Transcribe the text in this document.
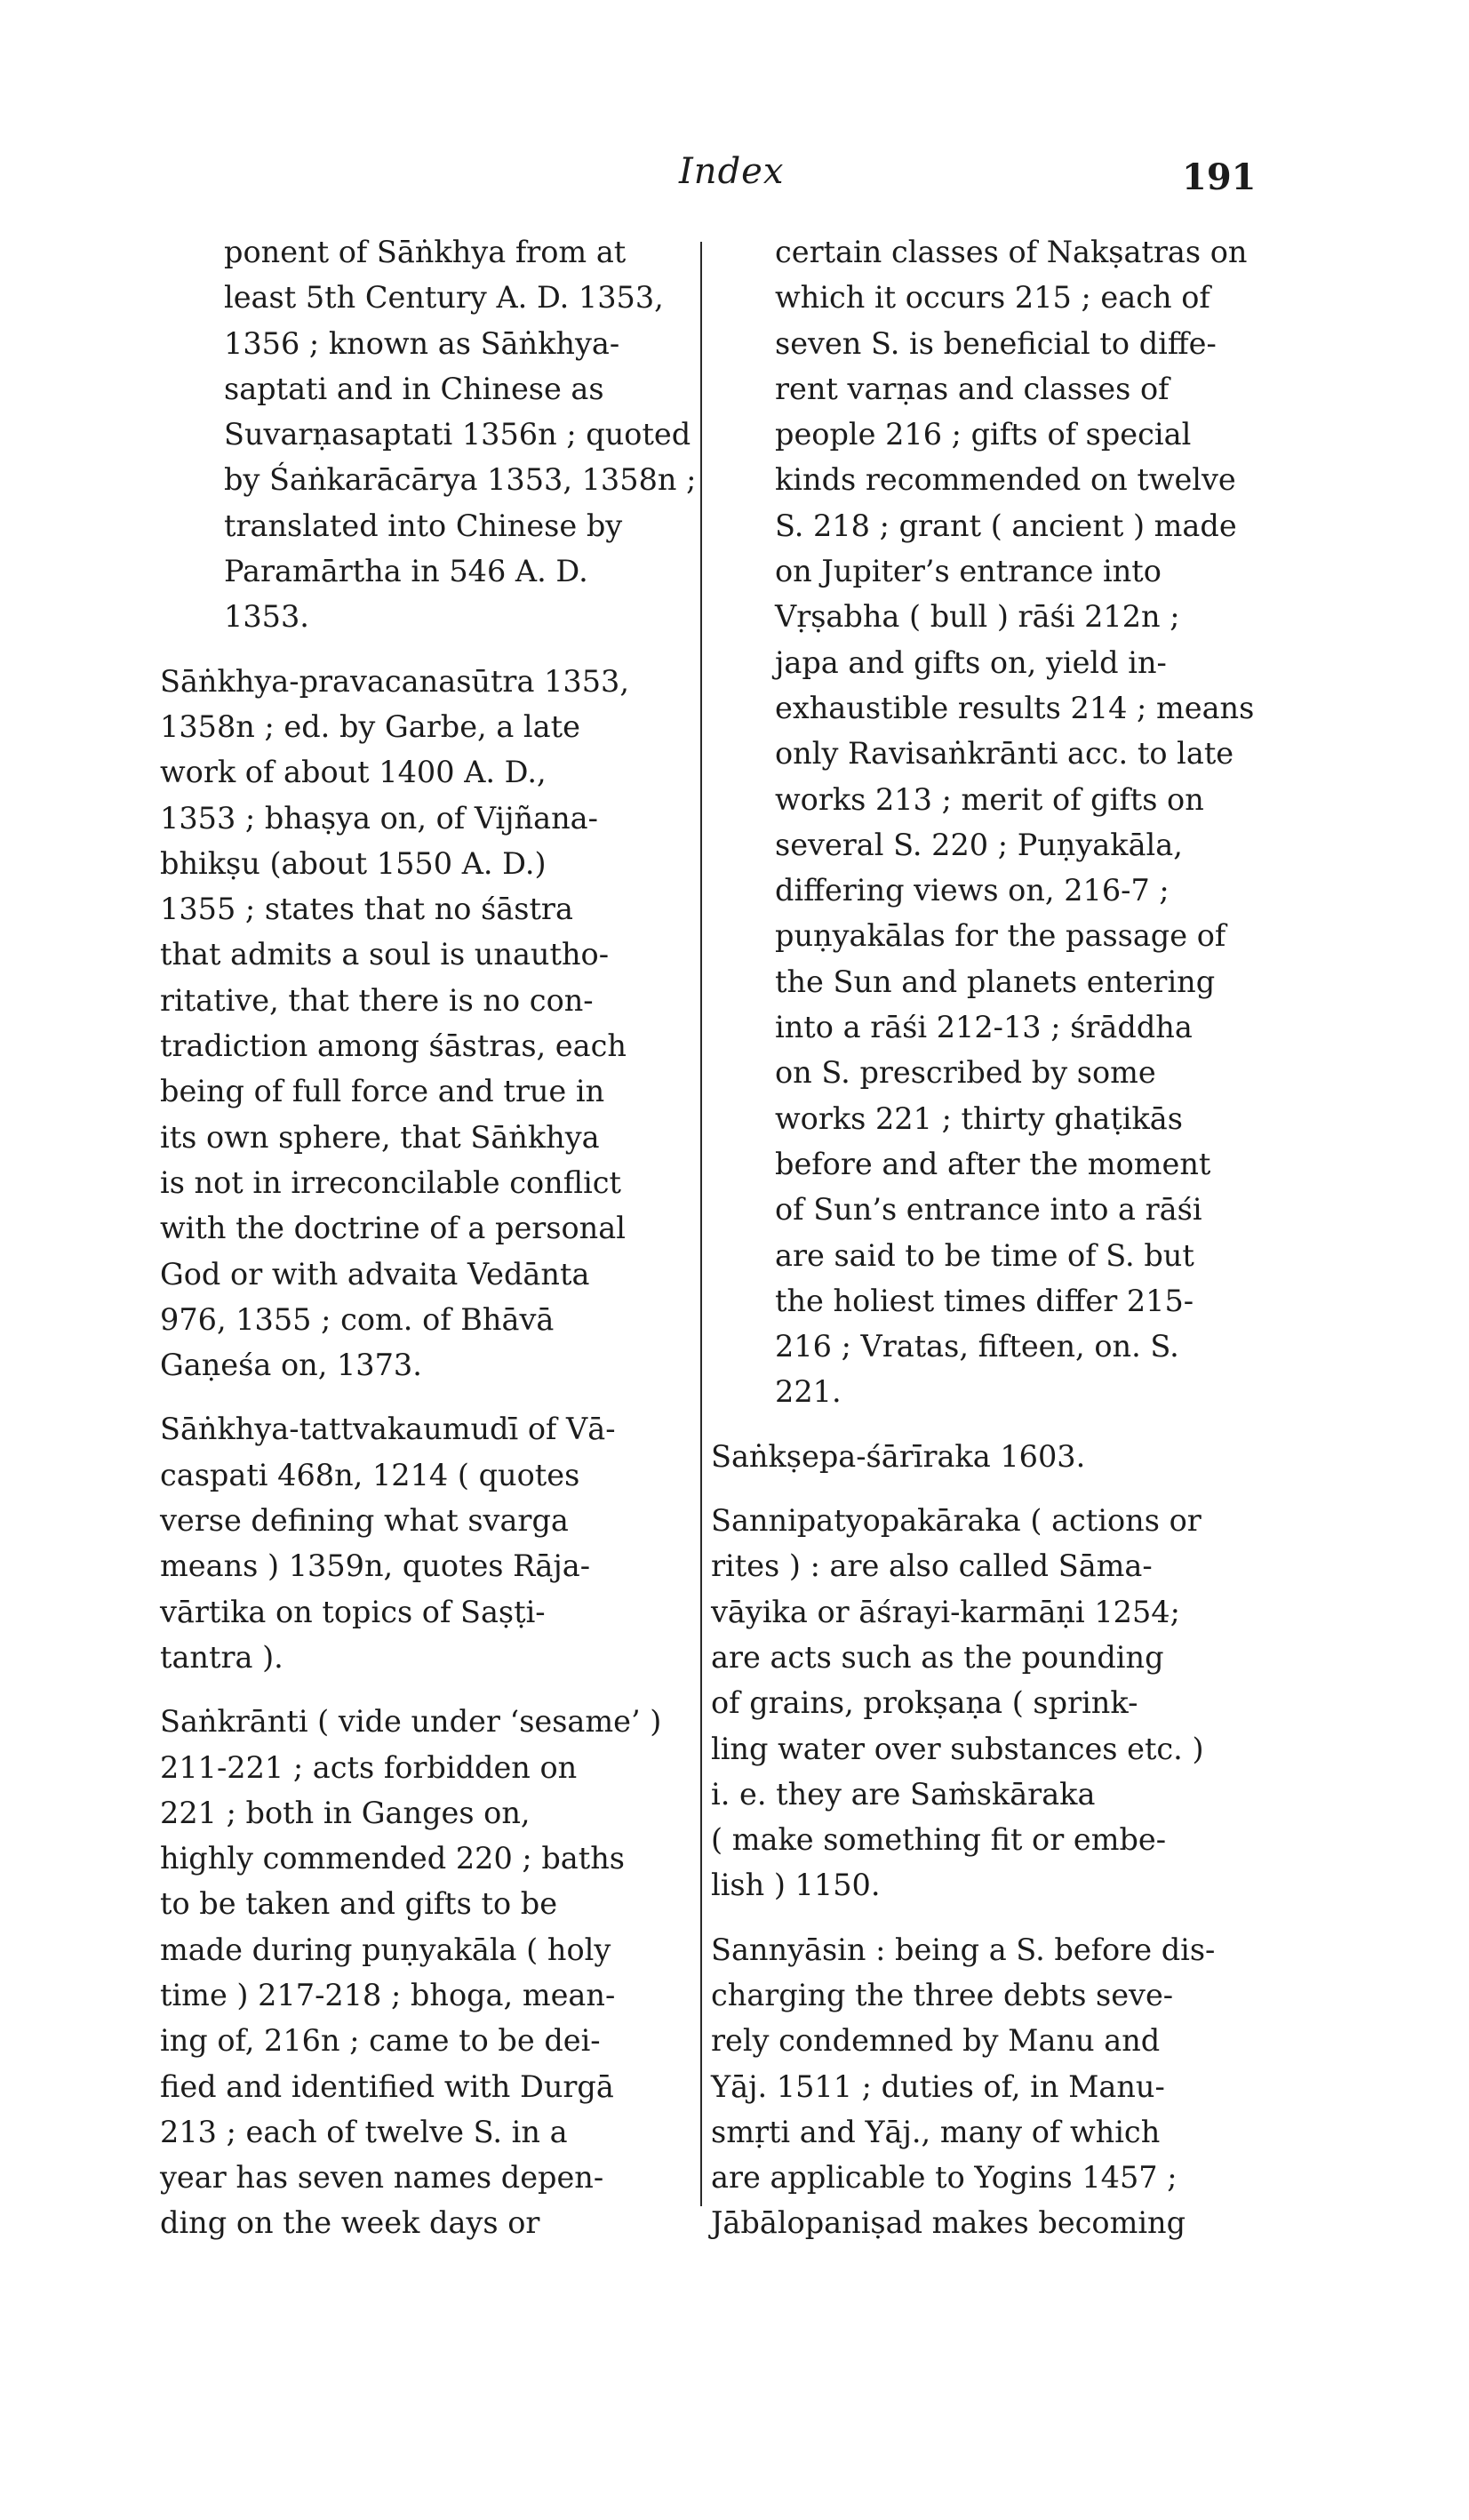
Index	191
ponent of Sāṅkhya from at
least 5th Century A. D. 1353,
1356 ; known as Sāṅkhya-
saptati and in Chinese as
Suvarṇasaptati 1356n ; quoted
by Śaṅkarācārya 1353, 1358n ;
translated into Chinese by
Paramārtha in 546 A. D.
1353.
Sāṅkhya-pravacanasūtra 1353,
1358n ; ed. by Garbe, a late
work of about 1400 A. D.,
1353 ; bhaṣya on, of Vijñana-
bhikṣu (about 1550 A. D.)
1355 ; states that no śāstra
that admits a soul is unautho-
ritative, that there is no con-
tradiction among śāstras, each
being of full force and true in
its own sphere, that Sāṅkhya
is not in irreconcilable conflict
with the doctrine of a personal
God or with advaita Vedānta
976, 1355 ; com. of Bhāvā
Gaṇeśa on, 1373.
Sāṅkhya-tattvakaumudī of Vā-
caspati 468n, 1214 ( quotes
verse defining what svarga
means ) 1359n, quotes Rāja-
vārtika on topics of Saṣṭi-
tantra ).
Saṅkrānti ( vide under ‘sesame’ )
211-221 ; acts forbidden on
221 ; both in Ganges on,
highly commended 220 ; baths
to be taken and gifts to be
made during puṇyakāla ( holy
time ) 217-218 ; bhoga, mean-
ing of, 216n ; came to be dei-
fied and identified with Durgā
213 ; each of twelve S. in a
year has seven names depen-
ding on the week days or
certain classes of Nakṣatras on
which it occurs 215 ; each of
seven S. is beneficial to diffe-
rent varṇas and classes of
people 216 ; gifts of special
kinds recommended on twelve
S. 218 ; grant ( ancient ) made
on Jupiter’s entrance into
Vṛṣabha ( bull ) rāśi 212n ;
japa and gifts on, yield in-
exhaustible results 214 ; means
only Ravisaṅkrānti acc. to late
works 213 ; merit of gifts on
several S. 220 ; Puṇyakāla,
differing views on, 216-7 ;
puṇyakālas for the passage of
the Sun and planets entering
into a rāśi 212-13 ; śrāddha
on S. prescribed by some
works 221 ; thirty ghaṭikās
before and after the moment
of Sun’s entrance into a rāśi
are said to be time of S. but
the holiest times differ 215-
216 ; Vratas, fifteen, on. S.
221.
Saṅkṣepa-śārīraka 1603.
Sannipatyopakāraka ( actions or
rites ) : are also called Sāma-
vāyika or āśrayi-karmāṇi 1254;
are acts such as the pounding
of grains, prokṣaṇa ( sprink-
ling water over substances etc. )
i. e. they are Saṁskāraka
( make something fit or embe-
lish ) 1150.
Sannyāsin : being a S. before dis-
charging the three debts seve-
rely condemned by Manu and
Yāj. 1511 ; duties of, in Manu-
smṛti and Yāj., many of which
are applicable to Yogins 1457 ;
Jābālopaniṣad makes becoming
